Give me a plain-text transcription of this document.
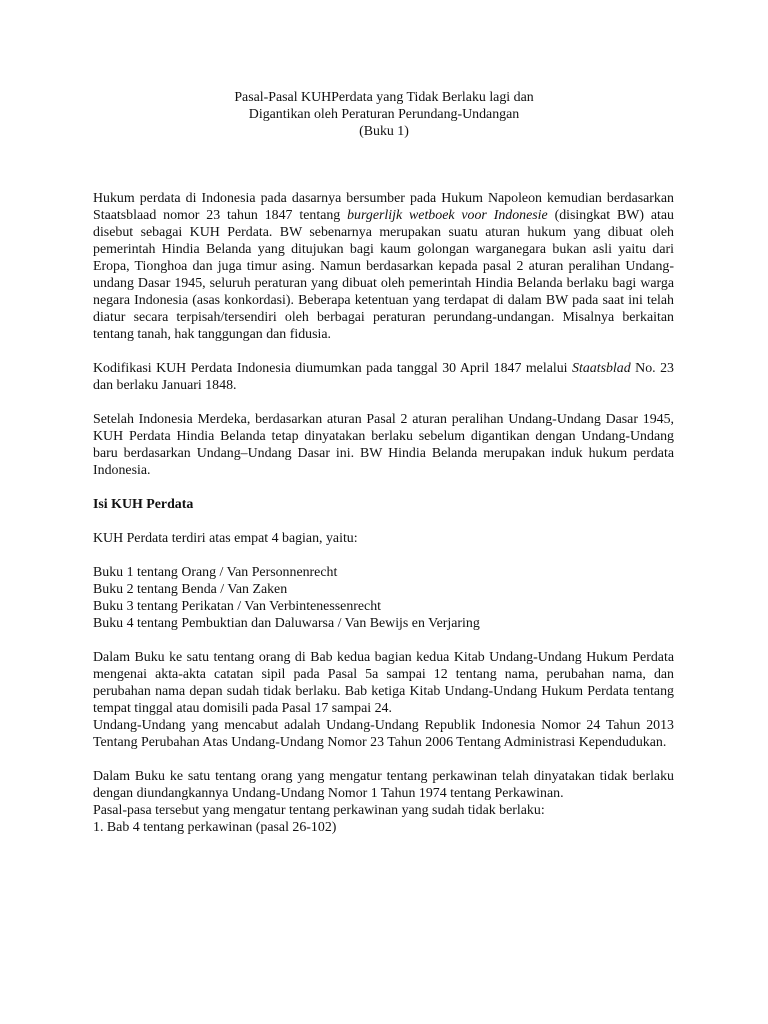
Pasal-Pasal KUHPerdata yang Tidak Berlaku lagi dan
Digantikan oleh Peraturan Perundang-Undangan
(Buku 1)

Hukum perdata di Indonesia pada dasarnya bersumber pada Hukum Napoleon kemudian berdasarkan Staatsblaad nomor 23 tahun 1847 tentang burgerlijk wetboek voor Indonesie (disingkat BW) atau disebut sebagai KUH Perdata. BW sebenarnya merupakan suatu aturan hukum yang dibuat oleh pemerintah Hindia Belanda yang ditujukan bagi kaum golongan warganegara bukan asli yaitu dari Eropa, Tionghoa dan juga timur asing. Namun berdasarkan kepada pasal 2 aturan peralihan Undang-undang Dasar 1945, seluruh peraturan yang dibuat oleh pemerintah Hindia Belanda berlaku bagi warga negara Indonesia (asas konkordasi). Beberapa ketentuan yang terdapat di dalam BW pada saat ini telah diatur secara terpisah/tersendiri oleh berbagai peraturan perundang-undangan. Misalnya berkaitan tentang tanah, hak tanggungan dan fidusia.

Kodifikasi KUH Perdata Indonesia diumumkan pada tanggal 30 April 1847 melalui Staatsblad No. 23 dan berlaku Januari 1848.

Setelah Indonesia Merdeka, berdasarkan aturan Pasal 2 aturan peralihan Undang-Undang Dasar 1945, KUH Perdata Hindia Belanda tetap dinyatakan berlaku sebelum digantikan dengan Undang-Undang baru berdasarkan Undang–Undang Dasar ini. BW Hindia Belanda merupakan induk hukum perdata Indonesia.

Isi KUH Perdata

KUH Perdata terdiri atas empat 4 bagian, yaitu:

Buku 1 tentang Orang / Van Personnenrecht
Buku 2 tentang Benda / Van Zaken
Buku 3 tentang Perikatan / Van Verbintenessenrecht
Buku 4 tentang Pembuktian dan Daluwarsa / Van Bewijs en Verjaring

Dalam Buku ke satu tentang orang di Bab kedua bagian kedua Kitab Undang-Undang Hukum Perdata mengenai akta-akta catatan sipil pada Pasal 5a sampai 12 tentang nama, perubahan nama, dan perubahan nama depan sudah tidak berlaku. Bab ketiga Kitab Undang-Undang Hukum Perdata tentang tempat tinggal atau domisili pada Pasal 17 sampai 24.

Undang-Undang yang mencabut adalah Undang-Undang Republik Indonesia Nomor 24 Tahun 2013 Tentang Perubahan Atas Undang-Undang Nomor 23 Tahun 2006 Tentang Administrasi Kependudukan.

Dalam Buku ke satu tentang orang yang mengatur tentang perkawinan telah dinyatakan tidak berlaku dengan diundangkannya Undang-Undang Nomor 1 Tahun 1974 tentang Perkawinan.

Pasal-pasa tersebut yang mengatur tentang perkawinan yang sudah tidak berlaku:

1. Bab 4 tentang perkawinan (pasal 26-102)
